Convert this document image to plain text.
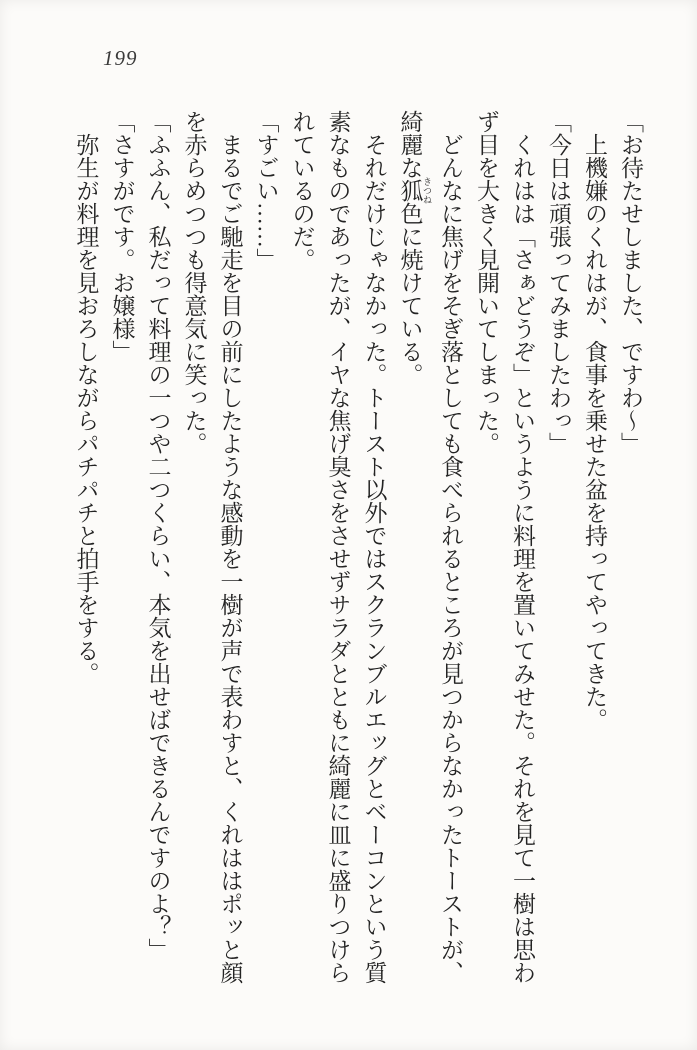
199
「お待たせしました、ですわ～」
上機嫌のくれはが、食事を乗せた盆を持ってやってきた。
「今日は頑張ってみましたわっ」
くれはは「さぁどうぞ」というように料理を置いてみせた。それを見て一樹は思わ
ず目を大きく見開いてしまった。
どんなに焦げをそぎ落としても食べられるところが見つからなかったトーストが、
綺麗な狐 きつね色に焼けている。
それだけじゃなかった。トースト以外ではスクランブルエッグとベーコンという質
素なものであったが、イヤな焦げ臭さをさせずサラダとともに綺麗に皿に盛りつけら
れているのだ。
「すごい……」
まるでご馳走を目の前にしたような感動を一樹が声で表わすと、くれははポッと顔
を赤らめつつも得意気に笑った。
「ふふん、私だって料理の一つや二つくらい、本気を出せばできるんですのよ？」
「さすがです。お嬢様」
弥生が料理を見おろしながらパチパチと拍手をする。
